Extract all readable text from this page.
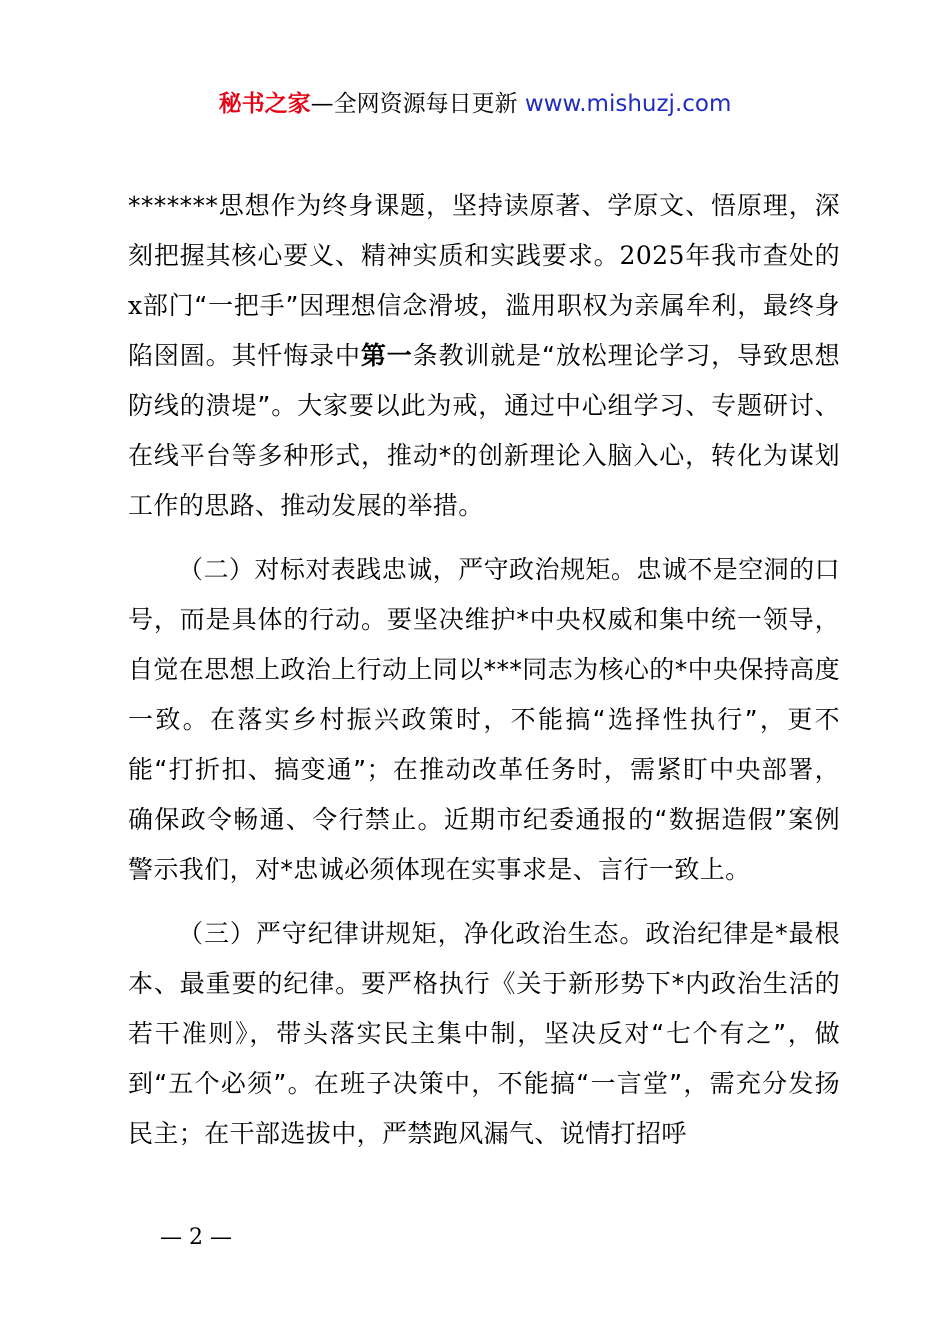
秘书之家—全网资源每日更新 www.mishuzj.com

*******思想作为终身课题，坚持读原著、学原文、悟原理，深刻把握其核心要义、精神实质和实践要求。2025年我市查处的x部门“一把手”因理想信念滑坡，滥用职权为亲属牟利，最终身陷囹圄。其忏悔录中第一条教训就是“放松理论学习，导致思想防线的溃堤”。大家要以此为戒，通过中心组学习、专题研讨、在线平台等多种形式，推动*的创新理论入脑入心，转化为谋划工作的思路、推动发展的举措。

（二）对标对表践忠诚，严守政治规矩。忠诚不是空洞的口号，而是具体的行动。要坚决维护*中央权威和集中统一领导，自觉在思想上政治上行动上同以***同志为核心的*中央保持高度一致。在落实乡村振兴政策时，不能搞“选择性执行”，更不能“打折扣、搞变通”；在推动改革任务时，需紧盯中央部署，确保政令畅通、令行禁止。近期市纪委通报的“数据造假”案例警示我们，对*忠诚必须体现在实事求是、言行一致上。

（三）严守纪律讲规矩，净化政治生态。政治纪律是*最根本、最重要的纪律。要严格执行《关于新形势下*内政治生活的若干准则》，带头落实民主集中制，坚决反对“七个有之”，做到“五个必须”。在班子决策中，不能搞“一言堂”，需充分发扬民主；在干部选拔中，严禁跑风漏气、说情打招呼

— 2 —
